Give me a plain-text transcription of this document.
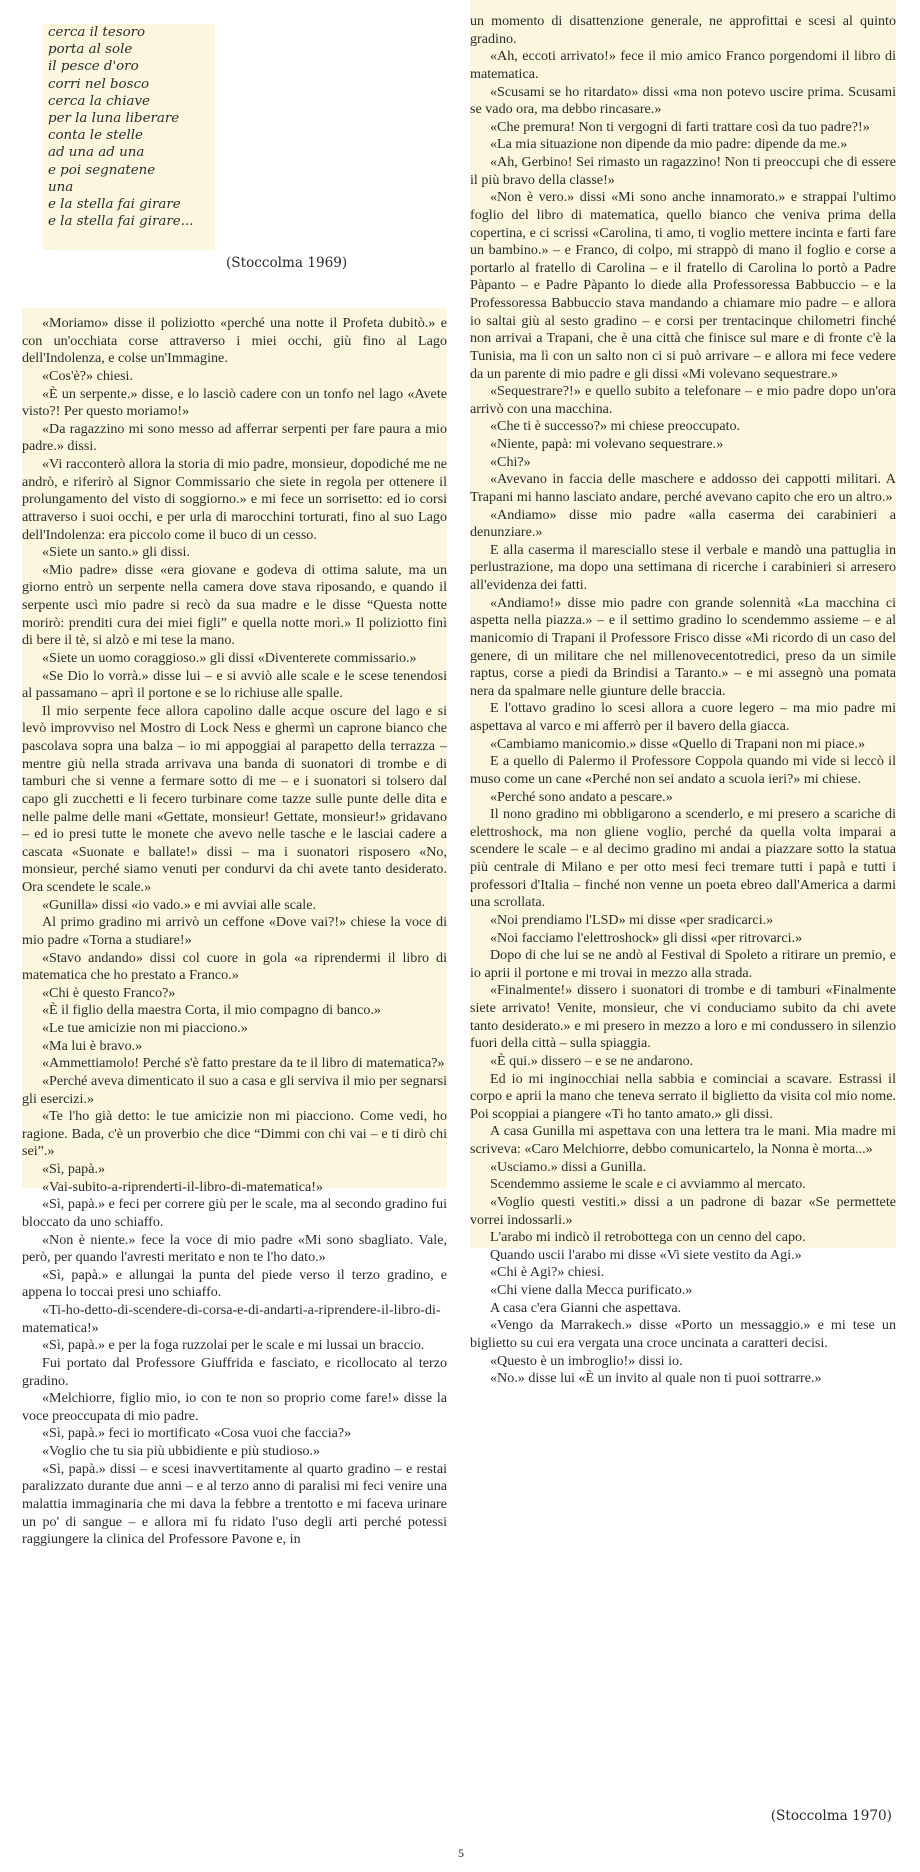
cerca il tesoro
porta al sole
il pesce d'oro
corri nel bosco
cerca la chiave
per la luna liberare
conta le stelle
ad una ad una
e poi segnatene
una
e la stella fai girare
e la stella fai girare...
(Stoccolma 1969)

«Moriamo» disse il poliziotto «perché una notte il Profeta dubitò.» e con un'occhiata corse attraverso i miei occhi, giù fino al Lago dell'Indolenza, e colse un'Immagine.

«Cos'è?» chiesi.

«È un serpente.» disse, e lo lasciò cadere con un tonfo nel lago «Avete visto?! Per questo moriamo!»

«Da ragazzino mi sono messo ad afferrar serpenti per fare paura a mio padre.» dissi.

«Vi racconterò allora la storia di mio padre, monsieur, dopodiché me ne andrò, e riferirò al Signor Commissario che siete in regola per ottenere il prolungamento del visto di soggiorno.» e mi fece un sorrisetto: ed io corsi attraverso i suoi occhi, e per urla di marocchini torturati, fino al suo Lago dell'Indolenza: era piccolo come il buco di un cesso.

«Siete un santo.» gli dissi.

«Mio padre» disse «era giovane e godeva di ottima salute, ma un giorno entrò un serpente nella camera dove stava riposando, e quando il serpente uscì mio padre si recò da sua madre e le disse “Questa notte morirò: prenditi cura dei miei figli” e quella notte morì.» Il poliziotto finì di bere il tè, si alzò e mi tese la mano.

«Siete un uomo coraggioso.» gli dissi «Diventerete commissario.»

«Se Dio lo vorrà.» disse lui – e si avviò alle scale e le scese tenendosi al passamano – aprì il portone e se lo richiuse alle spalle.

Il mio serpente fece allora capolino dalle acque oscure del lago e si levò improvviso nel Mostro di Lock Ness e ghermì un caprone bianco che pascolava sopra una balza – io mi appoggiai al parapetto della terrazza – mentre giù nella strada arrivava una banda di suonatori di trombe e di tamburi che si venne a fermare sotto di me – e i suonatori si tolsero dal capo gli zucchetti e li fecero turbinare come tazze sulle punte delle dita e nelle palme delle mani «Gettate, monsieur! Gettate, monsieur!» gridavano – ed io presi tutte le monete che avevo nelle tasche e le lasciai cadere a cascata «Suonate e ballate!» dissi – ma i suonatori risposero «No, monsieur, perché siamo venuti per condurvi da chi avete tanto desiderato. Ora scendete le scale.»

«Gunilla» dissi «io vado.» e mi avviai alle scale.

Al primo gradino mi arrivò un ceffone «Dove vai?!» chiese la voce di mio padre «Torna a studiare!»

«Stavo andando» dissi col cuore in gola «a riprendermi il libro di matematica che ho prestato a Franco.»

«Chi è questo Franco?»

«È il figlio della maestra Corta, il mio compagno di banco.»

«Le tue amicizie non mi piacciono.»

«Ma lui è bravo.»

«Ammettiamolo! Perché s'è fatto prestare da te il libro di matematica?»

«Perché aveva dimenticato il suo a casa e gli serviva il mio per segnarsi gli esercizi.»

«Te l'ho già detto: le tue amicizie non mi piacciono. Come vedi, ho ragione. Bada, c'è un proverbio che dice “Dimmi con chi vai – e ti dirò chi sei”.»

«Sì, papà.»

«Vai-subito-a-riprenderti-il-libro-di-matematica!»

«Sì, papà.» e feci per correre giù per le scale, ma al secondo gradino fui bloccato da uno schiaffo.

«Non è niente.» fece la voce di mio padre «Mi sono sbagliato. Vale, però, per quando l'avresti meritato e non te l'ho dato.»

«Sì, papà.» e allungai la punta del piede verso il terzo gradino, e appena lo toccai presi uno schiaffo.

«Ti-ho-detto-di-scendere-di-corsa-e-di-andarti-a-riprendere-il-libro-di-matematica!»

«Sì, papà.» e per la foga ruzzolai per le scale e mi lussai un braccio.

Fui portato dal Professore Giuffrida e fasciato, e ricollocato al terzo gradino.

«Melchiorre, figlio mio, io con te non so proprio come fare!» disse la voce preoccupata di mio padre.

«Sì, papà.» feci io mortificato «Cosa vuoi che faccia?»

«Voglio che tu sia più ubbidiente e più studioso.»

«Sì, papà.» dissi – e scesi inavvertitamente al quarto gradino – e restai paralizzato durante due anni – e al terzo anno di paralisi mi feci venire una malattia immaginaria che mi dava la febbre a trentotto e mi faceva urinare un po' di sangue – e allora mi fu ridato l'uso degli arti perché potessi raggiungere la clinica del Professore Pavone e, in

un momento di disattenzione generale, ne approfittai e scesi al quinto gradino.

«Ah, eccoti arrivato!» fece il mio amico Franco porgendomi il libro di matematica.

«Scusami se ho ritardato» dissi «ma non potevo uscire prima. Scusami se vado ora, ma debbo rincasare.»

«Che premura! Non ti vergogni di farti trattare così da tuo padre?!»

«La mia situazione non dipende da mio padre: dipende da me.»

«Ah, Gerbino! Sei rimasto un ragazzino! Non ti preoccupi che di essere il più bravo della classe!»

«Non è vero.» dissi «Mi sono anche innamorato.» e strappai l'ultimo foglio del libro di matematica, quello bianco che veniva prima della copertina, e ci scrissi «Carolina, ti amo, ti voglio mettere incinta e farti fare un bambino.» – e Franco, di colpo, mi strappò di mano il foglio e corse a portarlo al fratello di Carolina – e il fratello di Carolina lo portò a Padre Pàpanto – e Padre Pàpanto lo diede alla Professoressa Babbuccio – e la Professoressa Babbuccio stava mandando a chiamare mio padre – e allora io saltai giù al sesto gradino – e corsi per trentacinque chilometri finché non arrivai a Trapani, che è una città che finisce sul mare e di fronte c'è la Tunisia, ma lì con un salto non ci si può arrivare – e allora mi fece vedere da un parente di mio padre e gli dissi «Mi volevano sequestrare.»

«Sequestrare?!» e quello subito a telefonare – e mio padre dopo un'ora arrivò con una macchina.

«Che ti è successo?» mi chiese preoccupato.

«Niente, papà: mi volevano sequestrare.»

«Chi?»

«Avevano in faccia delle maschere e addosso dei cappotti militari. A Trapani mi hanno lasciato andare, perché avevano capito che ero un altro.»

«Andiamo» disse mio padre «alla caserma dei carabinieri a denunziare.»

E alla caserma il maresciallo stese il verbale e mandò una pattuglia in perlustrazione, ma dopo una settimana di ricerche i carabinieri si arresero all'evidenza dei fatti.

«Andiamo!» disse mio padre con grande solennità «La macchina ci aspetta nella piazza.» – e il settimo gradino lo scendemmo assieme – e al manicomio di Trapani il Professore Frisco disse «Mi ricordo di un caso del genere, di un militare che nel millenovecentotredici, preso da un simile raptus, corse a piedi da Brindisi a Taranto.» – e mi assegnò una pomata nera da spalmare nelle giunture delle braccia.

E l'ottavo gradino lo scesi allora a cuore legero – ma mio padre mi aspettava al varco e mi afferrò per il bavero della giacca.

«Cambiamo manicomio.» disse «Quello di Trapani non mi piace.»

E a quello di Palermo il Professore Coppola quando mi vide si leccò il muso come un cane «Perché non sei andato a scuola ieri?» mi chiese.

«Perché sono andato a pescare.»

Il nono gradino mi obbligarono a scenderlo, e mi presero a scariche di elettroshock, ma non gliene voglio, perché da quella volta imparai a scendere le scale – e al decimo gradino mi andai a piazzare sotto la statua più centrale di Milano e per otto mesi feci tremare tutti i papà e tutti i professori d'Italia – finché non venne un poeta ebreo dall'America a darmi una scrollata.

«Noi prendiamo l'LSD» mi disse «per sradicarci.»

«Noi facciamo l'elettroshock» gli dissi «per ritrovarci.»

Dopo di che lui se ne andò al Festival di Spoleto a ritirare un premio, e io aprii il portone e mi trovai in mezzo alla strada.

«Finalmente!» dissero i suonatori di trombe e di tamburi «Finalmente siete arrivato! Venite, monsieur, che vi conduciamo subito da chi avete tanto desiderato.» e mi presero in mezzo a loro e mi condussero in silenzio fuori della città – sulla spiaggia.

«È qui.» dissero – e se ne andarono.

Ed io mi inginocchiai nella sabbia e cominciai a scavare. Estrassi il corpo e aprii la mano che teneva serrato il biglietto da visita col mio nome. Poi scoppiai a piangere «Ti ho tanto amato.» gli dissi.

A casa Gunilla mi aspettava con una lettera tra le mani. Mia madre mi scriveva: «Caro Melchiorre, debbo comunicartelo, la Nonna è morta...»

«Usciamo.» dissi a Gunilla.

Scendemmo assieme le scale e ci avviammo al mercato.

«Voglio questi vestiti.» dissi a un padrone di bazar «Se permettete vorrei indossarli.»

L'arabo mi indicò il retrobottega con un cenno del capo.

Quando uscii l'arabo mi disse «Vi siete vestito da Agi.»

«Chi è Agi?» chiesi.

«Chi viene dalla Mecca purificato.»

A casa c'era Gianni che aspettava.

«Vengo da Marrakech.» disse «Porto un messaggio.» e mi tese un biglietto su cui era vergata una croce uncinata a caratteri decisi.

«Questo è un imbroglio!» dissi io.

«No.» disse lui «È un invito al quale non ti puoi sottrarre.»

(Stoccolma 1970)
5
